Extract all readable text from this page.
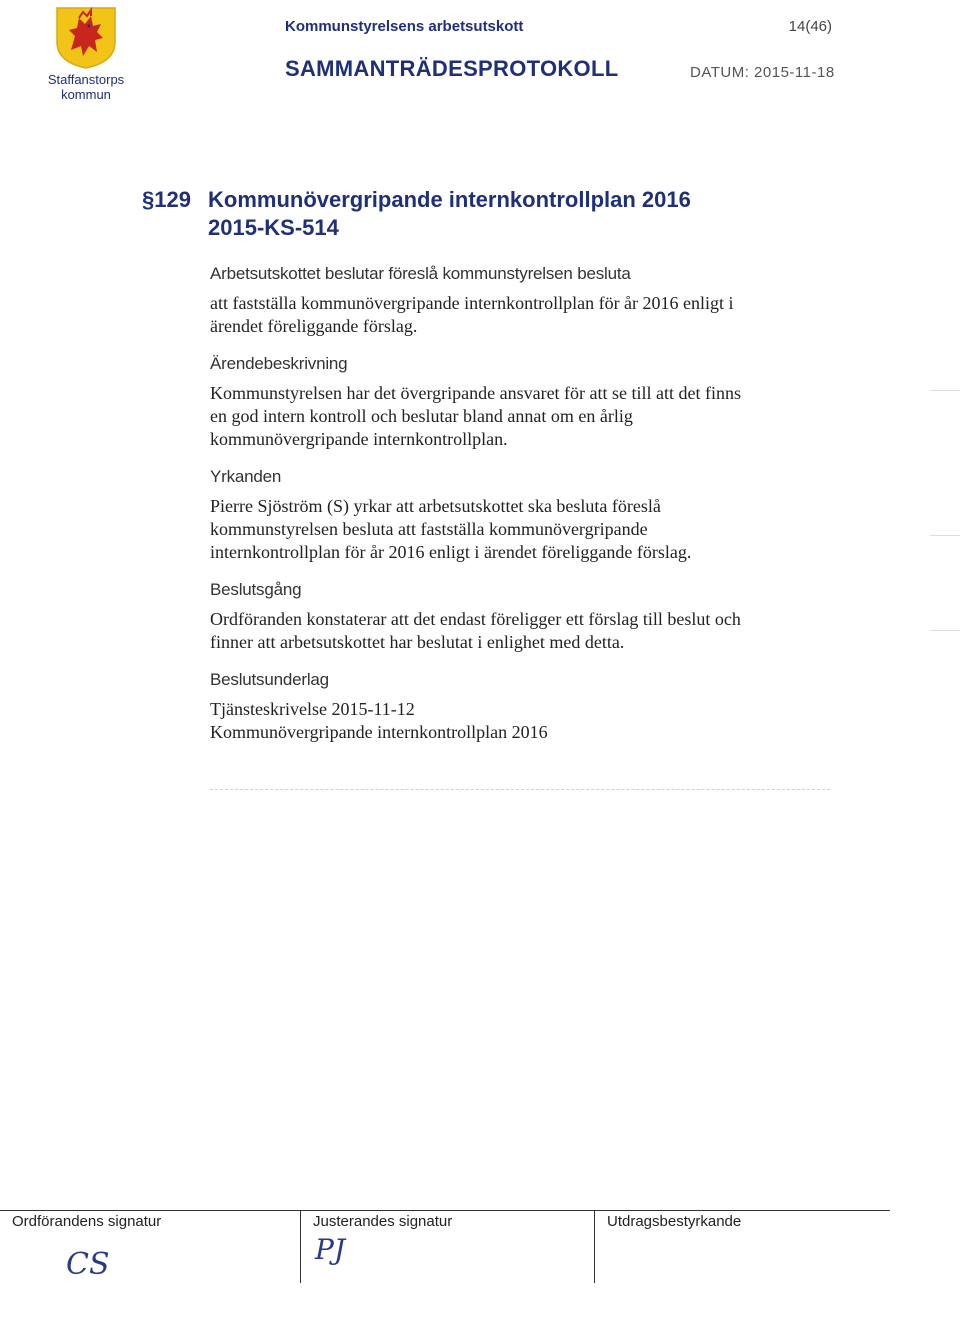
Staffanstorps kommun
Kommunstyrelsens arbetsutskott	14(46)
SAMMANTRÄDESPROTOKOLL	DATUM: 2015-11-18
§129 Kommunövergripande internkontrollplan 2016
2015-KS-514
Arbetsutskottet beslutar föreslå kommunstyrelsen besluta
att fastställa kommunövergripande internkontrollplan för år 2016 enligt i
ärendet föreliggande förslag.
Ärendebeskrivning
Kommunstyrelsen har det övergripande ansvaret för att se till att det finns
en god intern kontroll och beslutar bland annat om en årlig
kommunövergripande internkontrollplan.
Yrkanden
Pierre Sjöström (S) yrkar att arbetsutskottet ska besluta föreslå
kommunstyrelsen besluta att fastställa kommunövergripande
internkontrollplan för år 2016 enligt i ärendet föreliggande förslag.
Beslutsgång
Ordföranden konstaterar att det endast föreligger ett förslag till beslut och
finner att arbetsutskottet har beslutat i enlighet med detta.
Beslutsunderlag
Tjänsteskrivelse 2015-11-12
Kommunövergripande internkontrollplan 2016
Ordförandens signatur
CS
Justerandes signatur
PJ
Utdragsbestyrkande
